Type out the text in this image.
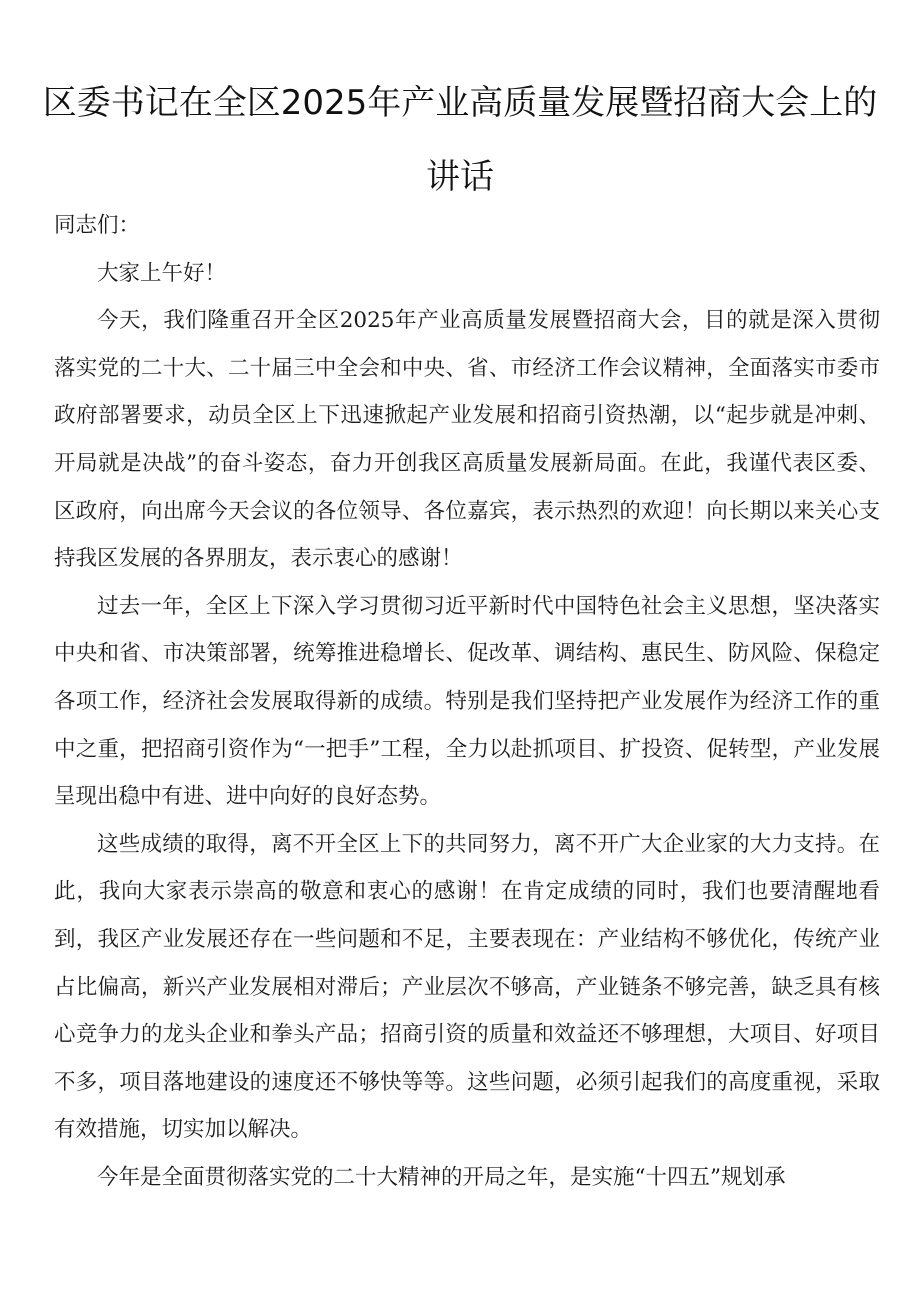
区委书记在全区2025年产业高质量发展暨招商大会上的讲话

同志们：

大家上午好！

今天，我们隆重召开全区2025年产业高质量发展暨招商大会，目的就是深入贯彻落实党的二十大、二十届三中全会和中央、省、市经济工作会议精神，全面落实市委市政府部署要求，动员全区上下迅速掀起产业发展和招商引资热潮，以“起步就是冲刺、开局就是决战”的奋斗姿态，奋力开创我区高质量发展新局面。在此，我谨代表区委、区政府，向出席今天会议的各位领导、各位嘉宾，表示热烈的欢迎！向长期以来关心支持我区发展的各界朋友，表示衷心的感谢！

过去一年，全区上下深入学习贯彻习近平新时代中国特色社会主义思想，坚决落实中央和省、市决策部署，统筹推进稳增长、促改革、调结构、惠民生、防风险、保稳定各项工作，经济社会发展取得新的成绩。特别是我们坚持把产业发展作为经济工作的重中之重，把招商引资作为“一把手”工程，全力以赴抓项目、扩投资、促转型，产业发展呈现出稳中有进、进中向好的良好态势。

这些成绩的取得，离不开全区上下的共同努力，离不开广大企业家的大力支持。在此，我向大家表示崇高的敬意和衷心的感谢！在肯定成绩的同时，我们也要清醒地看到，我区产业发展还存在一些问题和不足，主要表现在：产业结构不够优化，传统产业占比偏高，新兴产业发展相对滞后；产业层次不够高，产业链条不够完善，缺乏具有核心竞争力的龙头企业和拳头产品；招商引资的质量和效益还不够理想，大项目、好项目不多，项目落地建设的速度还不够快等等。这些问题，必须引起我们的高度重视，采取有效措施，切实加以解决。

今年是全面贯彻落实党的二十大精神的开局之年，是实施“十四五”规划承
